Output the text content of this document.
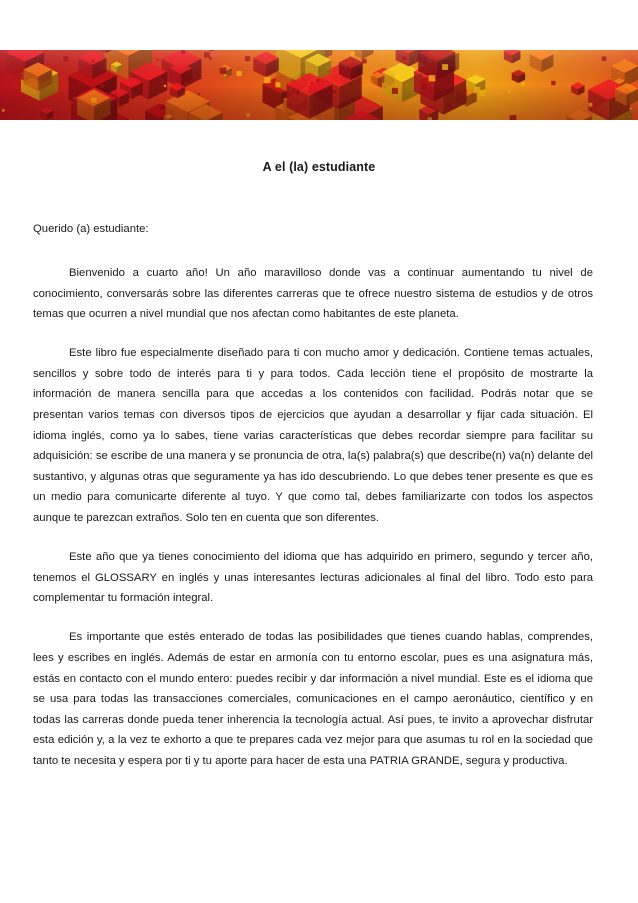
A el (la) estudiante
Querido (a) estudiante:

Bienvenido a cuarto año! Un año maravilloso donde vas a continuar aumentando tu nivel de conocimiento, conversarás sobre las diferentes carreras que te ofrece nuestro sistema de estudios y de otros temas que ocurren a nivel mundial que nos afectan como habitantes de este planeta.

Este libro fue especialmente diseñado para ti con mucho amor y dedicación. Contiene temas actuales, sencillos y sobre todo de interés para ti y para todos. Cada lección tiene el propósito de mostrarte la información de manera sencilla para que accedas a los contenidos con facilidad. Podrás notar que se presentan varios temas con diversos tipos de ejercicios que ayudan a desarrollar y fijar cada situación. El idioma inglés, como ya lo sabes, tiene varias características que debes recordar siempre para facilitar su adquisición: se escribe de una manera y se pronuncia de otra, la(s) palabra(s) que describe(n) va(n) delante del sustantivo, y algunas otras que seguramente ya has ido descubriendo. Lo que debes tener presente es que es un medio para comunicarte diferente al tuyo. Y que como tal, debes familiarizarte con todos los aspectos aunque te parezcan extraños. Solo ten en cuenta que son diferentes.

Este año que ya tienes conocimiento del idioma que has adquirido en primero, segundo y tercer año, tenemos el GLOSSARY en inglés y unas interesantes lecturas adicionales al final del libro. Todo esto para complementar tu formación integral.

Es importante que estés enterado de todas las posibilidades que tienes cuando hablas, comprendes, lees y escribes en inglés. Además de estar en armonía con tu entorno escolar, pues es una asignatura más, estás en contacto con el mundo entero: puedes recibir y dar información a nivel mundial. Este es el idioma que se usa para todas las transacciones comerciales, comunicaciones en el campo aeronáutico, científico y en todas las carreras donde pueda tener inherencia la tecnología actual. Así pues, te invito a aprovechar disfrutar esta edición y, a la vez te exhorto a que te prepares cada vez mejor para que asumas tu rol en la sociedad que tanto te necesita y espera por ti y tu aporte para hacer de esta una PATRIA GRANDE, segura y productiva.
